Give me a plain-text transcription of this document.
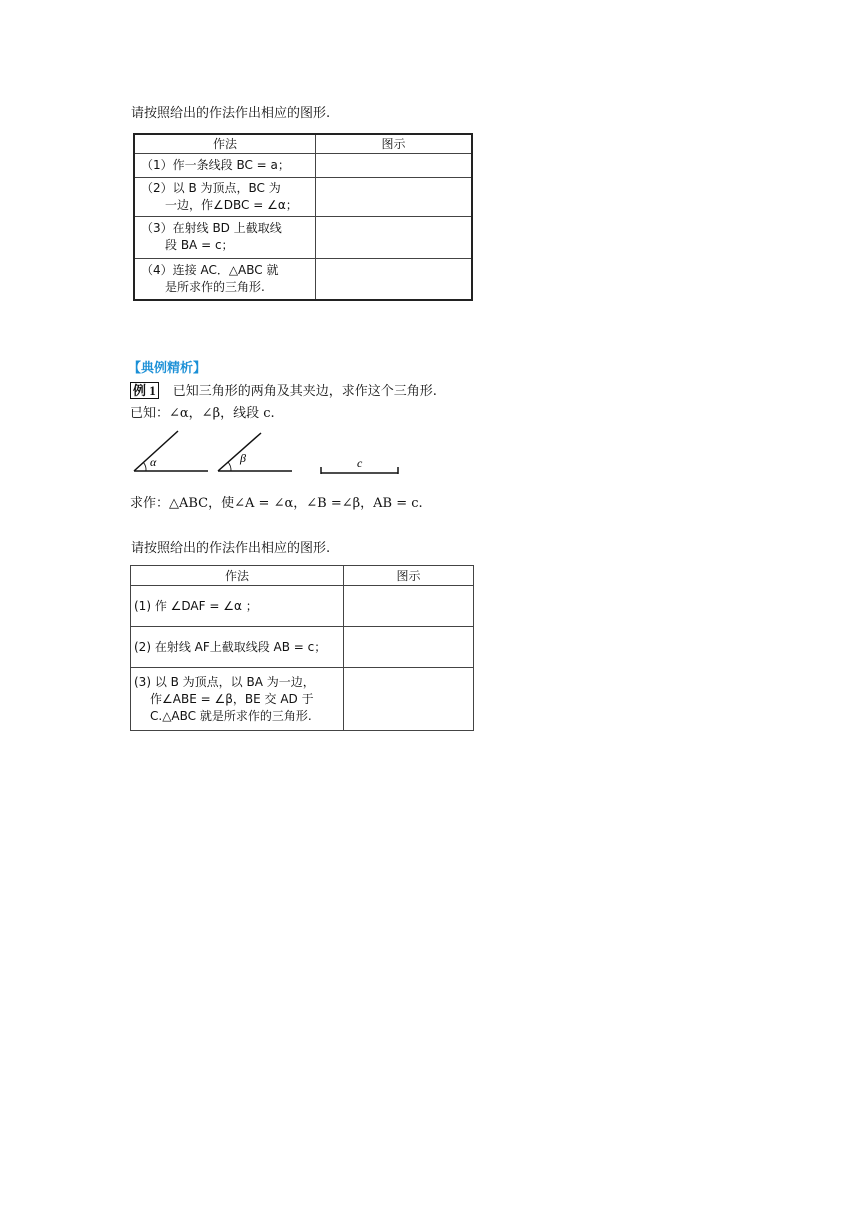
请按照给出的作法作出相应的图形.
作法	图示

（1）作一条线段 BC = a；	

（2）以 B 为顶点，BC 为
一边，作∠DBC = ∠α；	

（3）在射线 BD 上截取线
段 BA = c；	

（4）连接 AC．△ABC 就
是所求作的三角形.	

【典例精析】
例 1 已知三角形的两角及其夹边，求作这个三角形.
已知：∠α，∠β，线段 c.
α	β	c
求作：△ABC，使∠A = ∠α，∠B =∠β，AB = c.
请按照给出的作法作出相应的图形.
作法	图示

(1) 作 ∠DAF = ∠α ；	

(2) 在射线 AF上截取线段 AB = c；	

(3) 以 B 为顶点，以 BA 为一边，
作∠ABE = ∠β，BE 交 AD 于
C.△ABC 就是所求作的三角形.	
